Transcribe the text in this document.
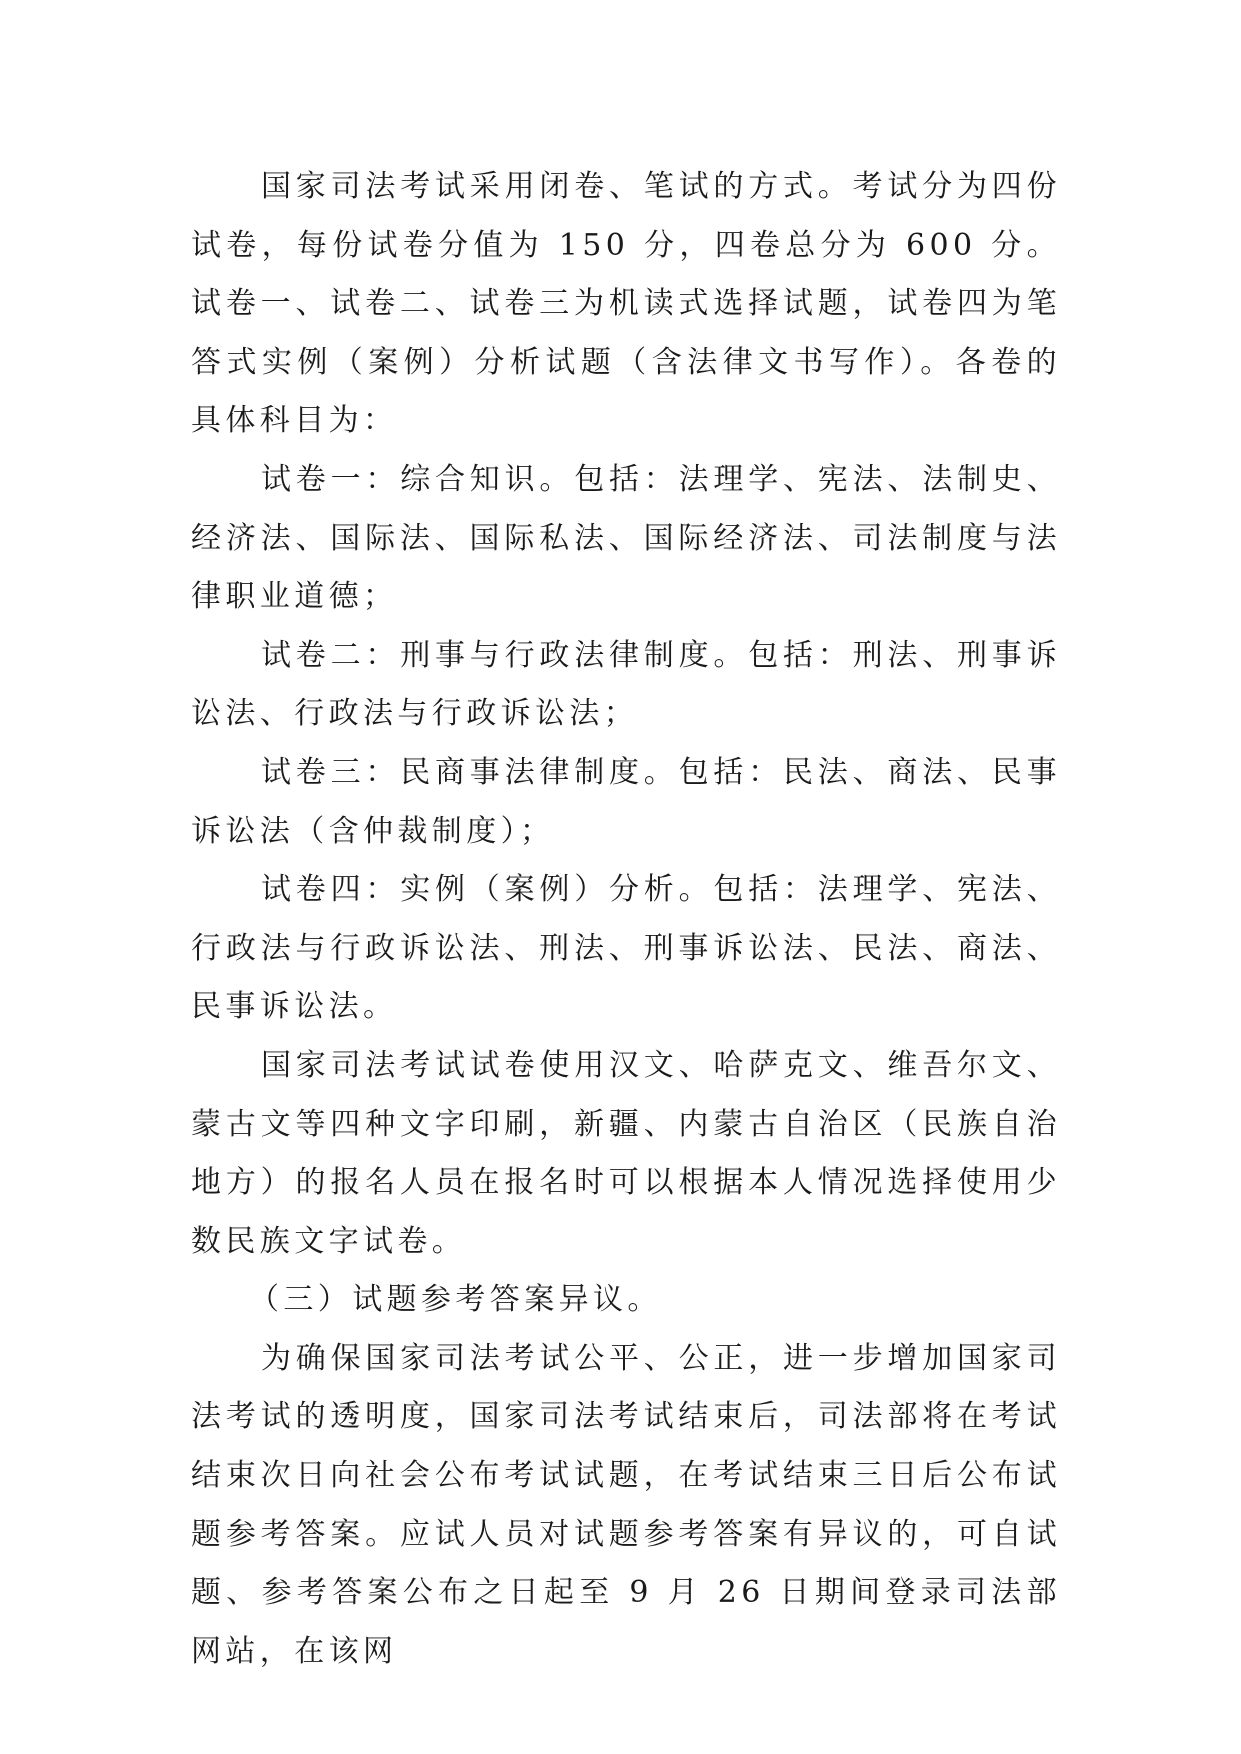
国家司法考试采用闭卷、笔试的方式。考试分为四份试卷，每份试卷分值为 150 分，四卷总分为 600 分。试卷一、试卷二、试卷三为机读式选择试题，试卷四为笔答式实例（案例）分析试题（含法律文书写作）。各卷的具体科目为：

试卷一：综合知识。包括：法理学、宪法、法制史、经济法、国际法、国际私法、国际经济法、司法制度与法律职业道德；

试卷二：刑事与行政法律制度。包括：刑法、刑事诉讼法、行政法与行政诉讼法；

试卷三：民商事法律制度。包括：民法、商法、民事诉讼法（含仲裁制度）；

试卷四：实例（案例）分析。包括：法理学、宪法、行政法与行政诉讼法、刑法、刑事诉讼法、民法、商法、民事诉讼法。

国家司法考试试卷使用汉文、哈萨克文、维吾尔文、蒙古文等四种文字印刷，新疆、内蒙古自治区（民族自治地方）的报名人员在报名时可以根据本人情况选择使用少数民族文字试卷。

（三）试题参考答案异议。

为确保国家司法考试公平、公正，进一步增加国家司法考试的透明度，国家司法考试结束后，司法部将在考试结束次日向社会公布考试试题，在考试结束三日后公布试题参考答案。应试人员对试题参考答案有异议的，可自试题、参考答案公布之日起至 9 月 26 日期间登录司法部网站，在该网
